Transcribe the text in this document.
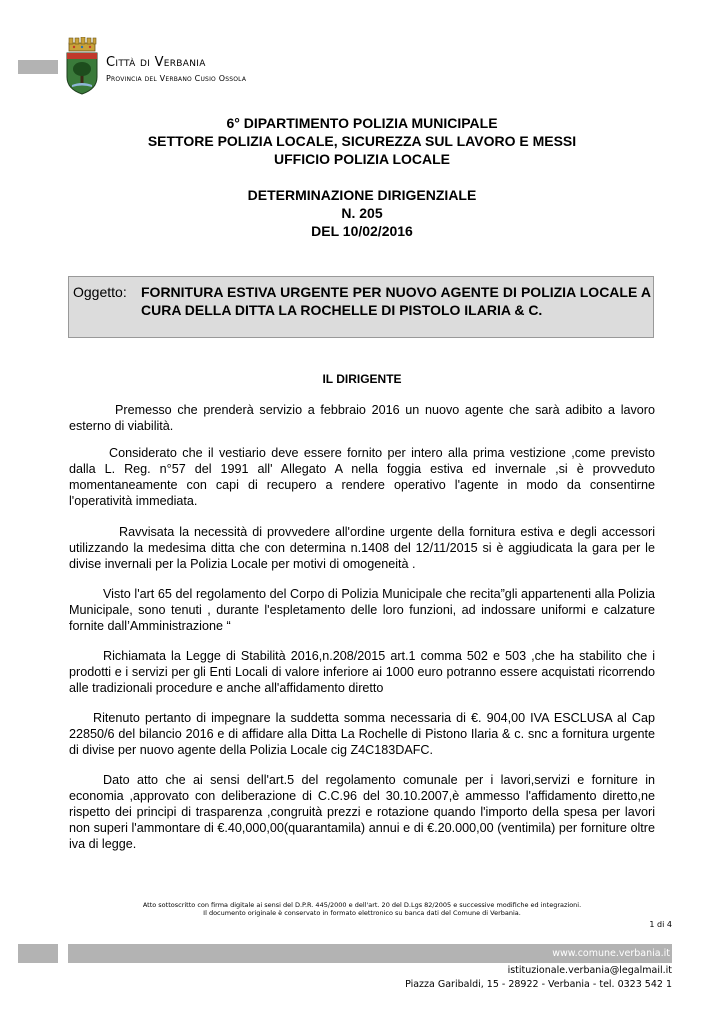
Città di Verbania
Provincia del Verbano Cusio Ossola
6° DIPARTIMENTO POLIZIA MUNICIPALE
SETTORE POLIZIA LOCALE, SICUREZZA SUL LAVORO E MESSI
UFFICIO POLIZIA LOCALE
DETERMINAZIONE DIRIGENZIALE
N. 205
DEL 10/02/2016
Oggetto: FORNITURA ESTIVA URGENTE PER NUOVO AGENTE DI POLIZIA LOCALE A CURA DELLA DITTA LA ROCHELLE DI PISTOLO ILARIA & C.
IL DIRIGENTE
Premesso che prenderà servizio a febbraio 2016 un nuovo agente che sarà adibito a lavoro esterno di viabilità.
Considerato che il vestiario deve essere fornito per intero alla prima vestizione ,come previsto dalla L. Reg. n°57 del 1991 all' Allegato A nella foggia estiva ed invernale ,si è provveduto momentaneamente con capi di recupero a rendere operativo l'agente in modo da consentirne l'operatività immediata.
Ravvisata la necessità di provvedere all'ordine urgente della fornitura estiva e degli accessori utilizzando la medesima ditta che con determina n.1408 del 12/11/2015 si è aggiudicata la gara per le divise invernali per la Polizia Locale per motivi di omogeneità .
Visto l'art 65 del regolamento del Corpo di Polizia Municipale che recita”gli appartenenti alla Polizia Municipale, sono tenuti , durante l'espletamento delle loro funzioni, ad indossare uniformi e calzature fornite dall’Amministrazione “
Richiamata la Legge di Stabilità 2016,n.208/2015 art.1 comma 502 e 503 ,che ha stabilito che i prodotti e i servizi per gli Enti Locali di valore inferiore ai 1000 euro potranno essere acquistati ricorrendo alle tradizionali procedure e anche all'affidamento diretto
Ritenuto pertanto di impegnare la suddetta somma necessaria di €. 904,00 IVA ESCLUSA al Cap 22850/6 del bilancio 2016 e di affidare alla Ditta La Rochelle di Pistono Ilaria & c. snc a fornitura urgente di divise per nuovo agente della Polizia Locale cig Z4C183DAFC.
Dato atto che ai sensi dell'art.5 del regolamento comunale per i lavori,servizi e forniture in economia ,approvato con deliberazione di C.C.96 del 30.10.2007,è ammesso l'affidamento diretto,ne rispetto dei principi di trasparenza ,congruità prezzi e rotazione quando l'importo della spesa per lavori non superi l'ammontare di €.40,000,00(quarantamila) annui e di €.20.000,00 (ventimila) per forniture oltre iva di legge.
Atto sottoscritto con firma digitale ai sensi del D.P.R. 445/2000 e dell'art. 20 del D.Lgs 82/2005 e successive modifiche ed integrazioni.
Il documento originale è conservato in formato elettronico su banca dati del Comune di Verbania.
1 di 4
www.comune.verbania.it
istituzionale.verbania@legalmail.it
Piazza Garibaldi, 15 - 28922 - Verbania - tel. 0323 542 1
